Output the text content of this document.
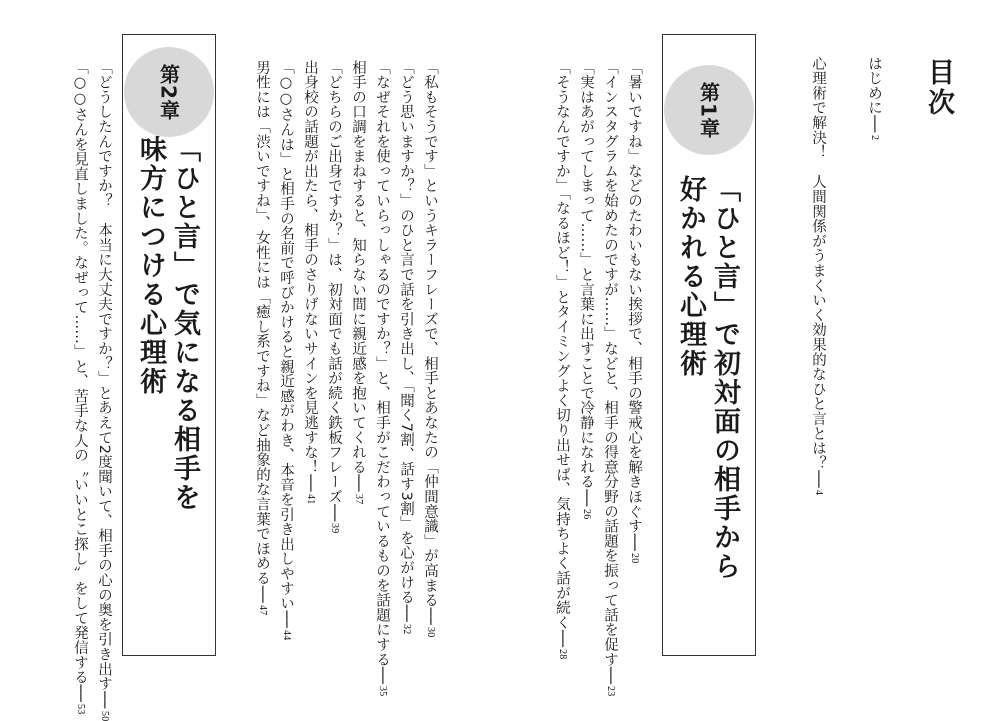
目次
はじめに──2
心理術で解決！　人間関係がうまくいく効果的なひと言とは？──4
第1章
「ひと言」で初対面の相手から
好かれる心理術
「暑いですね」などのたわいもない挨拶で、相手の警戒心を解きほぐす──20
「インスタグラムを始めたのですが……」などと、相手の得意分野の話題を振って話を促す──23
「実はあがってしまって……」と言葉に出すことで冷静になれる──26
「そうなんですか」「なるほど！」とタイミングよく切り出せば、気持ちよく話が続く──28
「私もそうです」というキラーフレーズで、相手とあなたの「仲間意識」が高まる──30
「どう思いますか？」のひと言で話を引き出し、「聞く7割、話す3割」を心がける──32
「なぜそれを使っていらっしゃるのですか？」と、相手がこだわっているものを話題にする──35
相手の口調をまねすると、知らない間に親近感を抱いてくれる──37
「どちらのご出身ですか？」は、初対面でも話が続く鉄板フレーズ──39
出身校の話題が出たら、相手のさりげないサインを見逃すな！──41
「○○さんは」と相手の名前で呼びかけると親近感がわき、本音を引き出しやすい──44
男性には「渋いですね」、女性には「癒し系ですね」など抽象的な言葉でほめる──47
第2章
「ひと言」で気になる相手を
味方につける心理術
「どうしたんですか？　本当に大丈夫ですか？」とあえて2度聞いて、相手の心の奥を引き出す──50
「○○さんを見直しました。なぜって……」と、苦手な人の〝いいとこ探し〟をして発信する──53
